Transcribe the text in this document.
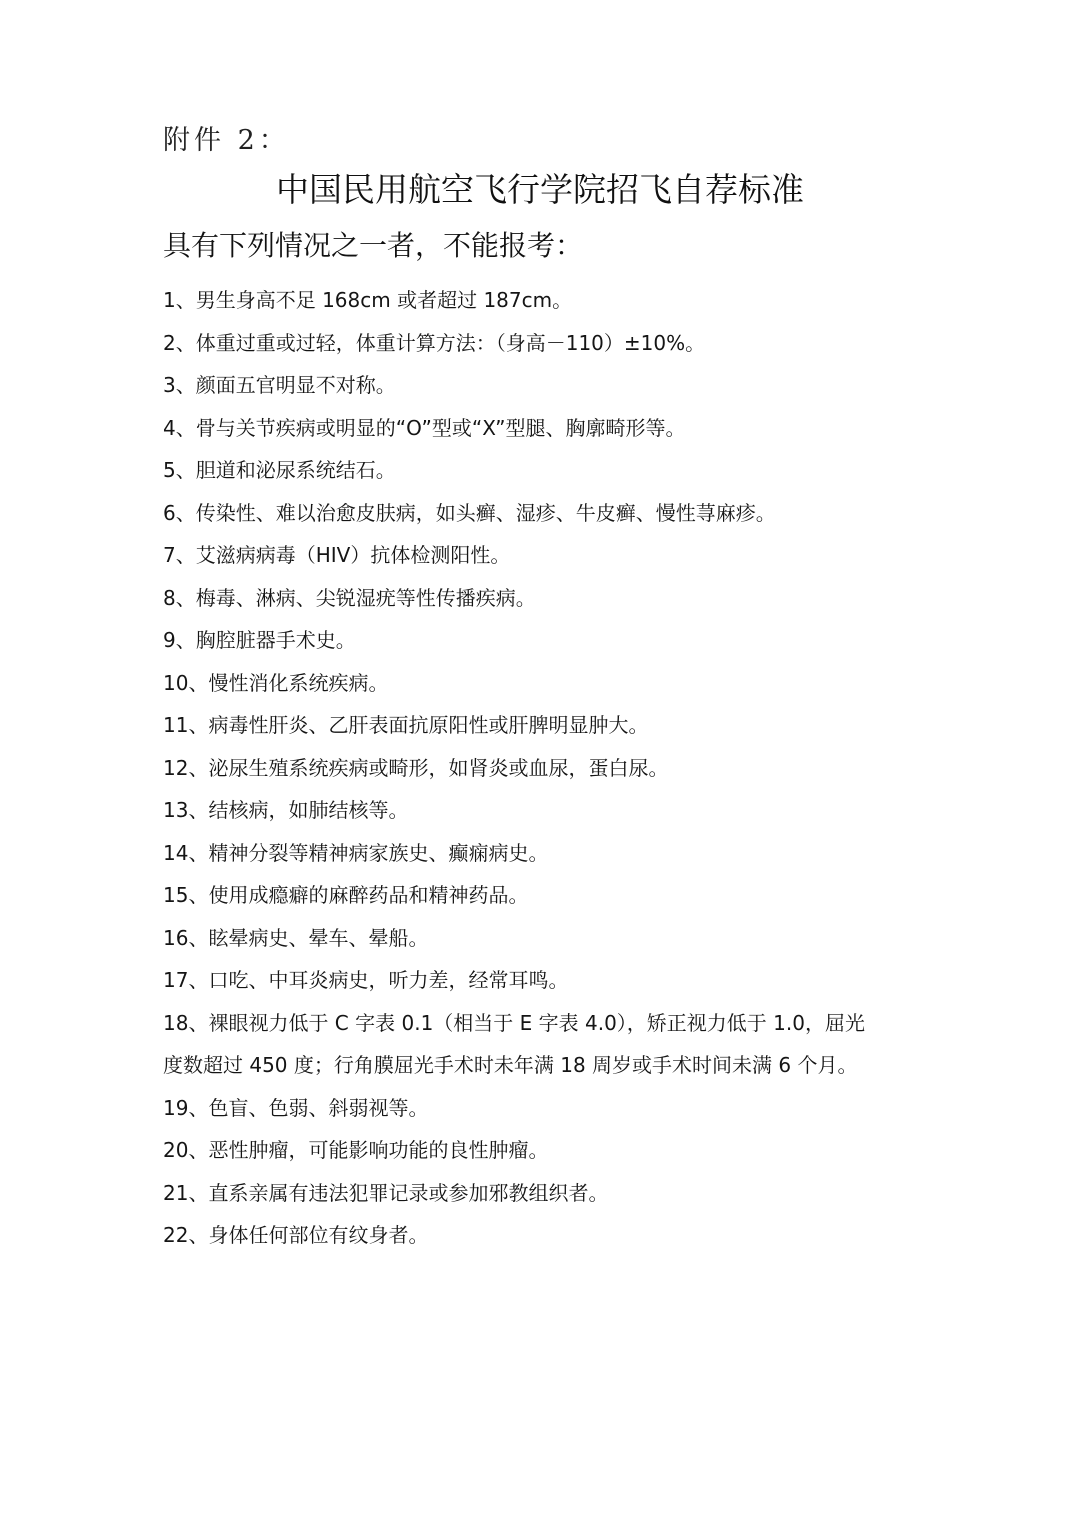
附件 2：
中国民用航空飞行学院招飞自荐标准
具有下列情况之一者，不能报考：
1、男生身高不足 168cm 或者超过 187cm。
2、体重过重或过轻，体重计算方法：（身高－110）±10%。
3、颜面五官明显不对称。
4、骨与关节疾病或明显的“O”型或“X”型腿、胸廓畸形等。
5、胆道和泌尿系统结石。
6、传染性、难以治愈皮肤病，如头癣、湿疹、牛皮癣、慢性荨麻疹。
7、艾滋病病毒（HIV）抗体检测阳性。
8、梅毒、淋病、尖锐湿疣等性传播疾病。
9、胸腔脏器手术史。
10、慢性消化系统疾病。
11、病毒性肝炎、乙肝表面抗原阳性或肝脾明显肿大。
12、泌尿生殖系统疾病或畸形，如肾炎或血尿，蛋白尿。
13、结核病，如肺结核等。
14、精神分裂等精神病家族史、癫痫病史。
15、使用成瘾癖的麻醉药品和精神药品。
16、眩晕病史、晕车、晕船。
17、口吃、中耳炎病史，听力差，经常耳鸣。
18、裸眼视力低于 C 字表 0.1（相当于 E 字表 4.0），矫正视力低于 1.0，屈光
度数超过 450 度；行角膜屈光手术时未年满 18 周岁或手术时间未满 6 个月。
19、色盲、色弱、斜弱视等。
20、恶性肿瘤，可能影响功能的良性肿瘤。
21、直系亲属有违法犯罪记录或参加邪教组织者。
22、身体任何部位有纹身者。
